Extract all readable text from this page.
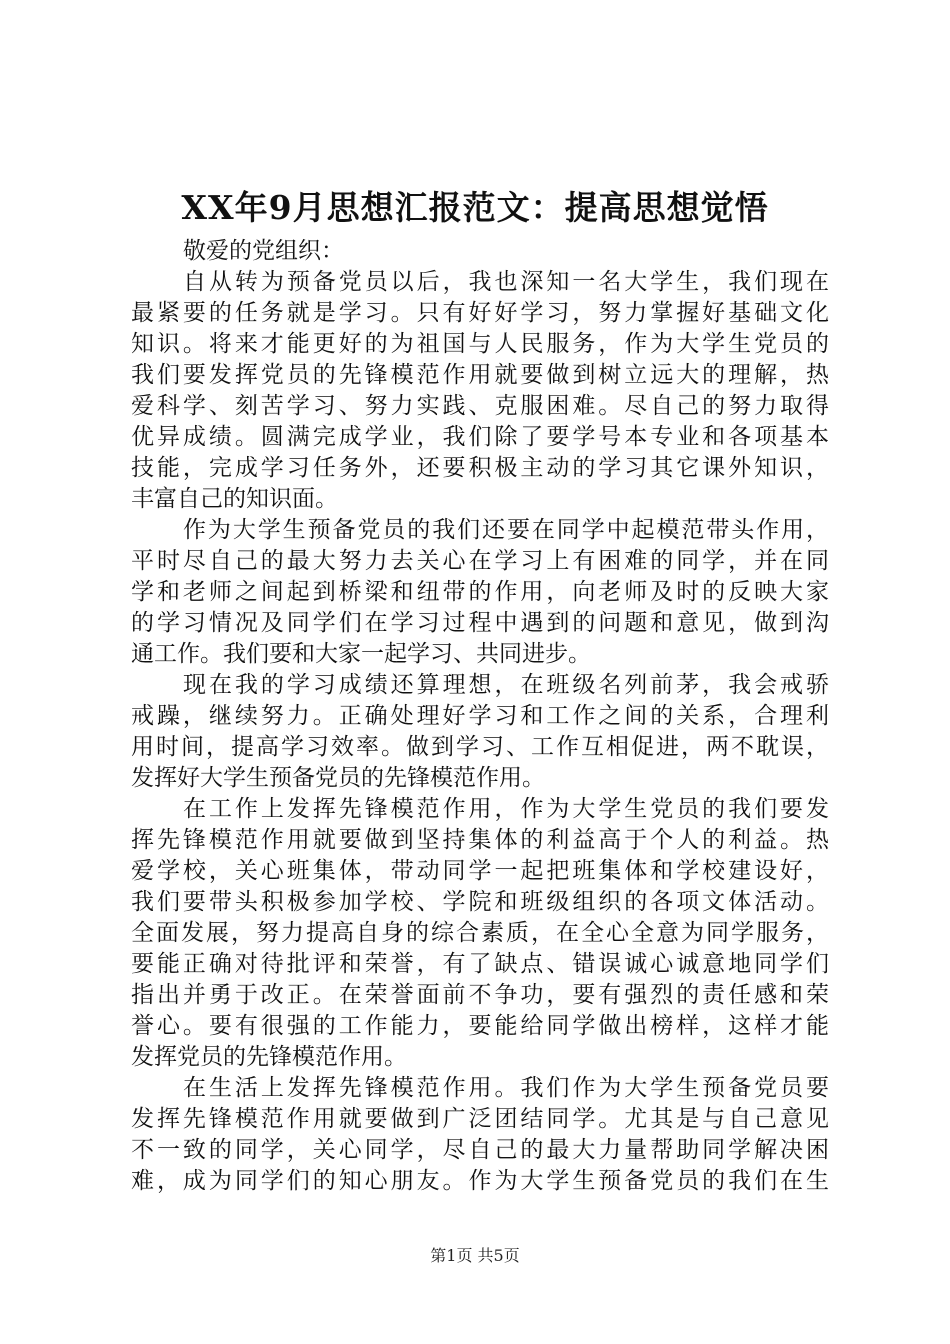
XX年9月思想汇报范文：提高思想觉悟
敬爱的党组织：
自从转为预备党员以后，我也深知一名大学生，我们现在
最紧要的任务就是学习。只有好好学习，努力掌握好基础文化
知识。将来才能更好的为祖国与人民服务，作为大学生党员的
我们要发挥党员的先锋模范作用就要做到树立远大的理解，热
爱科学、刻苦学习、努力实践、克服困难。尽自己的努力取得
优异成绩。圆满完成学业，我们除了要学号本专业和各项基本
技能，完成学习任务外，还要积极主动的学习其它课外知识，
丰富自己的知识面。
作为大学生预备党员的我们还要在同学中起模范带头作用，
平时尽自己的最大努力去关心在学习上有困难的同学，并在同
学和老师之间起到桥梁和纽带的作用，向老师及时的反映大家
的学习情况及同学们在学习过程中遇到的问题和意见，做到沟
通工作。我们要和大家一起学习、共同进步。
现在我的学习成绩还算理想，在班级名列前茅，我会戒骄
戒躁，继续努力。正确处理好学习和工作之间的关系，合理利
用时间，提高学习效率。做到学习、工作互相促进，两不耽误，
发挥好大学生预备党员的先锋模范作用。
在工作上发挥先锋模范作用，作为大学生党员的我们要发
挥先锋模范作用就要做到坚持集体的利益高于个人的利益。热
爱学校，关心班集体，带动同学一起把班集体和学校建设好，
我们要带头积极参加学校、学院和班级组织的各项文体活动。
全面发展，努力提高自身的综合素质，在全心全意为同学服务，
要能正确对待批评和荣誉，有了缺点、错误诚心诚意地同学们
指出并勇于改正。在荣誉面前不争功，要有强烈的责任感和荣
誉心。要有很强的工作能力，要能给同学做出榜样，这样才能
发挥党员的先锋模范作用。
在生活上发挥先锋模范作用。我们作为大学生预备党员要
发挥先锋模范作用就要做到广泛团结同学。尤其是与自己意见
不一致的同学，关心同学，尽自己的最大力量帮助同学解决困
难，成为同学们的知心朋友。作为大学生预备党员的我们在生
第1页 共5页
